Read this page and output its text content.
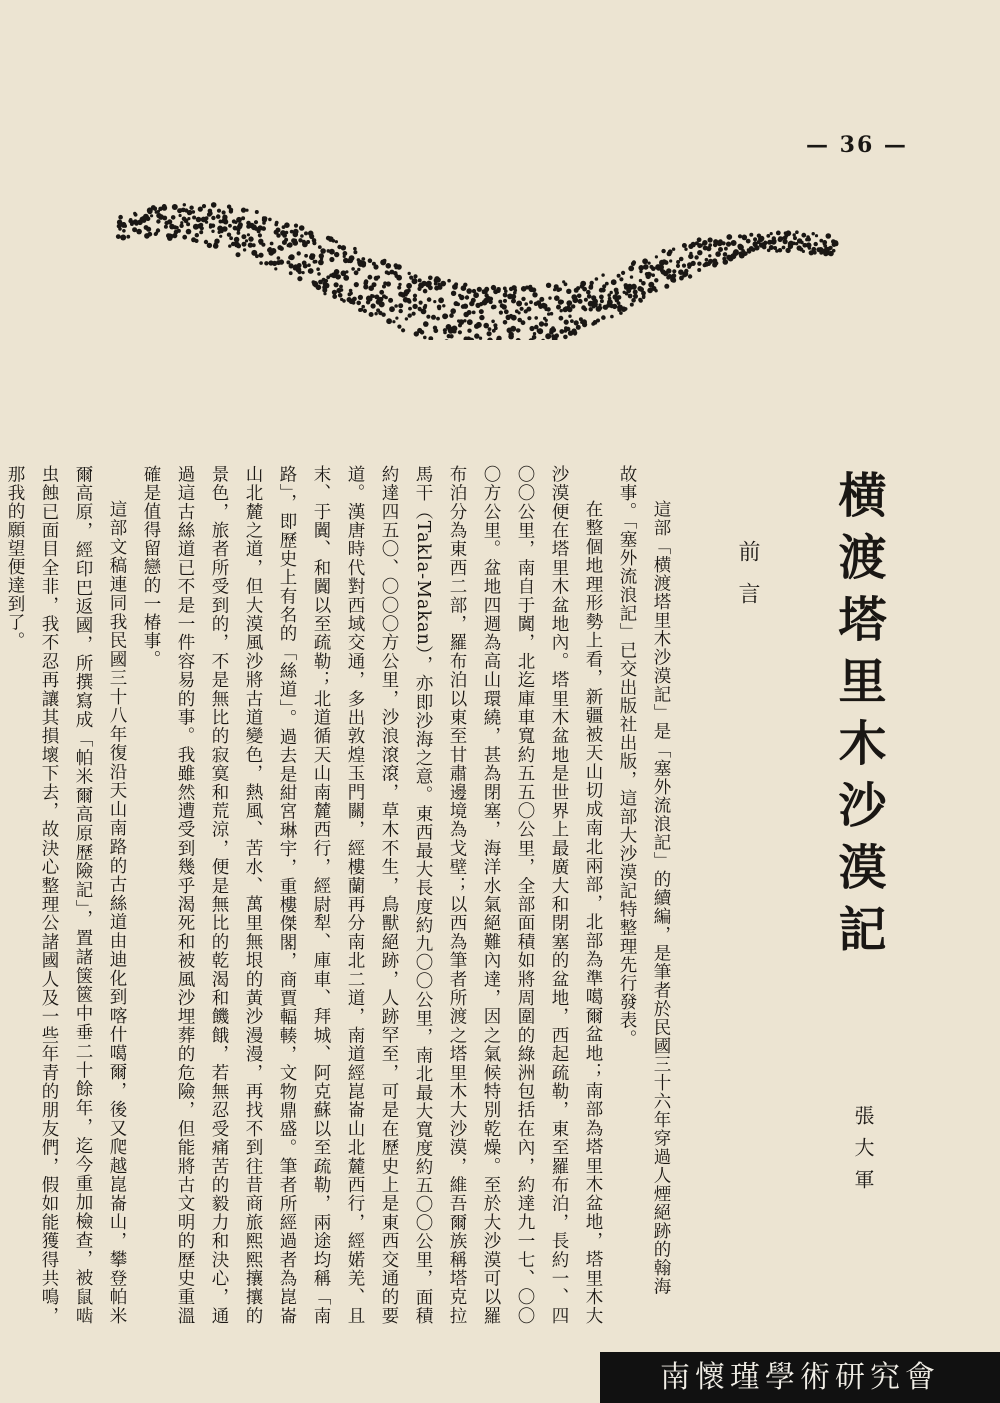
— 36 —
横渡塔里木沙漠記
張大軍
前言

這部「横渡塔里木沙漠記」是「塞外流浪記」的續編，是筆者於民國三十六年穿過人煙絕跡的翰海

故事。「塞外流浪記」已交出版社出版，這部大沙漠記特整理先行發表。

在整個地理形勢上看，新疆被天山切成南北兩部，北部為準噶爾盆地；南部為塔里木盆地，塔里木大沙漠便在塔里木盆地內。塔里木盆地是世界上最廣大和閉塞的盆地，西起疏勒，東至羅布泊，長約一、四〇〇公里，南自于闐，北迄庫車寬約五五〇公里，全部面積如將周圍的綠洲包括在內，約達九一七、〇〇〇方公里。盆地四週為高山環繞，甚為閉塞，海洋水氣絕難內達，因之氣候特別乾燥。至於大沙漠可以羅布泊分為東西二部，羅布泊以東至甘肅邊境為戈壁；以西為筆者所渡之塔里木大沙漠，維吾爾族稱塔克拉馬干（Takla-Makan），亦即沙海之意。東西最大長度約九〇〇公里，南北最大寬度約五〇〇公里，面積約達四五〇、〇〇〇方公里，沙浪滾滾，草木不生，鳥獸絕跡，人跡罕至，可是在歷史上是東西交通的要道。漢唐時代對西域交通，多出敦煌玉門關，經樓蘭再分南北二道，南道經崑崙山北麓西行，經婼羌、且末、于闐、和闐以至疏勒；北道循天山南麓西行，經尉犁、庫車、拜城、阿克蘇以至疏勒，兩途均稱「南路」，即歷史上有名的「絲道」。過去是紺宮琳宇，重樓傑閣，商賈輻輳，文物鼎盛。筆者所經過者為崑崙山北麓之道，但大漠風沙將古道變色，熱風、苦水、萬里無垠的黃沙漫漫，再找不到往昔商旅熙熙攘攘的景色，旅者所受到的，不是無比的寂寞和荒涼，便是無比的乾渴和饑餓，若無忍受痛苦的毅力和決心，通過這古絲道已不是一件容易的事。我雖然遭受到幾乎渴死和被風沙埋葬的危險，但能將古文明的歷史重溫確是值得留戀的一椿事。

這部文稿連同我民國三十八年復沿天山南路的古絲道由迪化到喀什噶爾，後又爬越崑崙山，攀登帕米爾高原，經印巴返國，所撰寫成「帕米爾高原歷險記」，置諸箧篋中垂二十餘年，迄今重加檢查，被鼠啮虫蝕已面目全非，我不忍再讓其損壞下去，故決心整理公諸國人及一些年青的朋友們，假如能獲得共鳴，那我的願望便達到了。

南懷瑾學術研究會
